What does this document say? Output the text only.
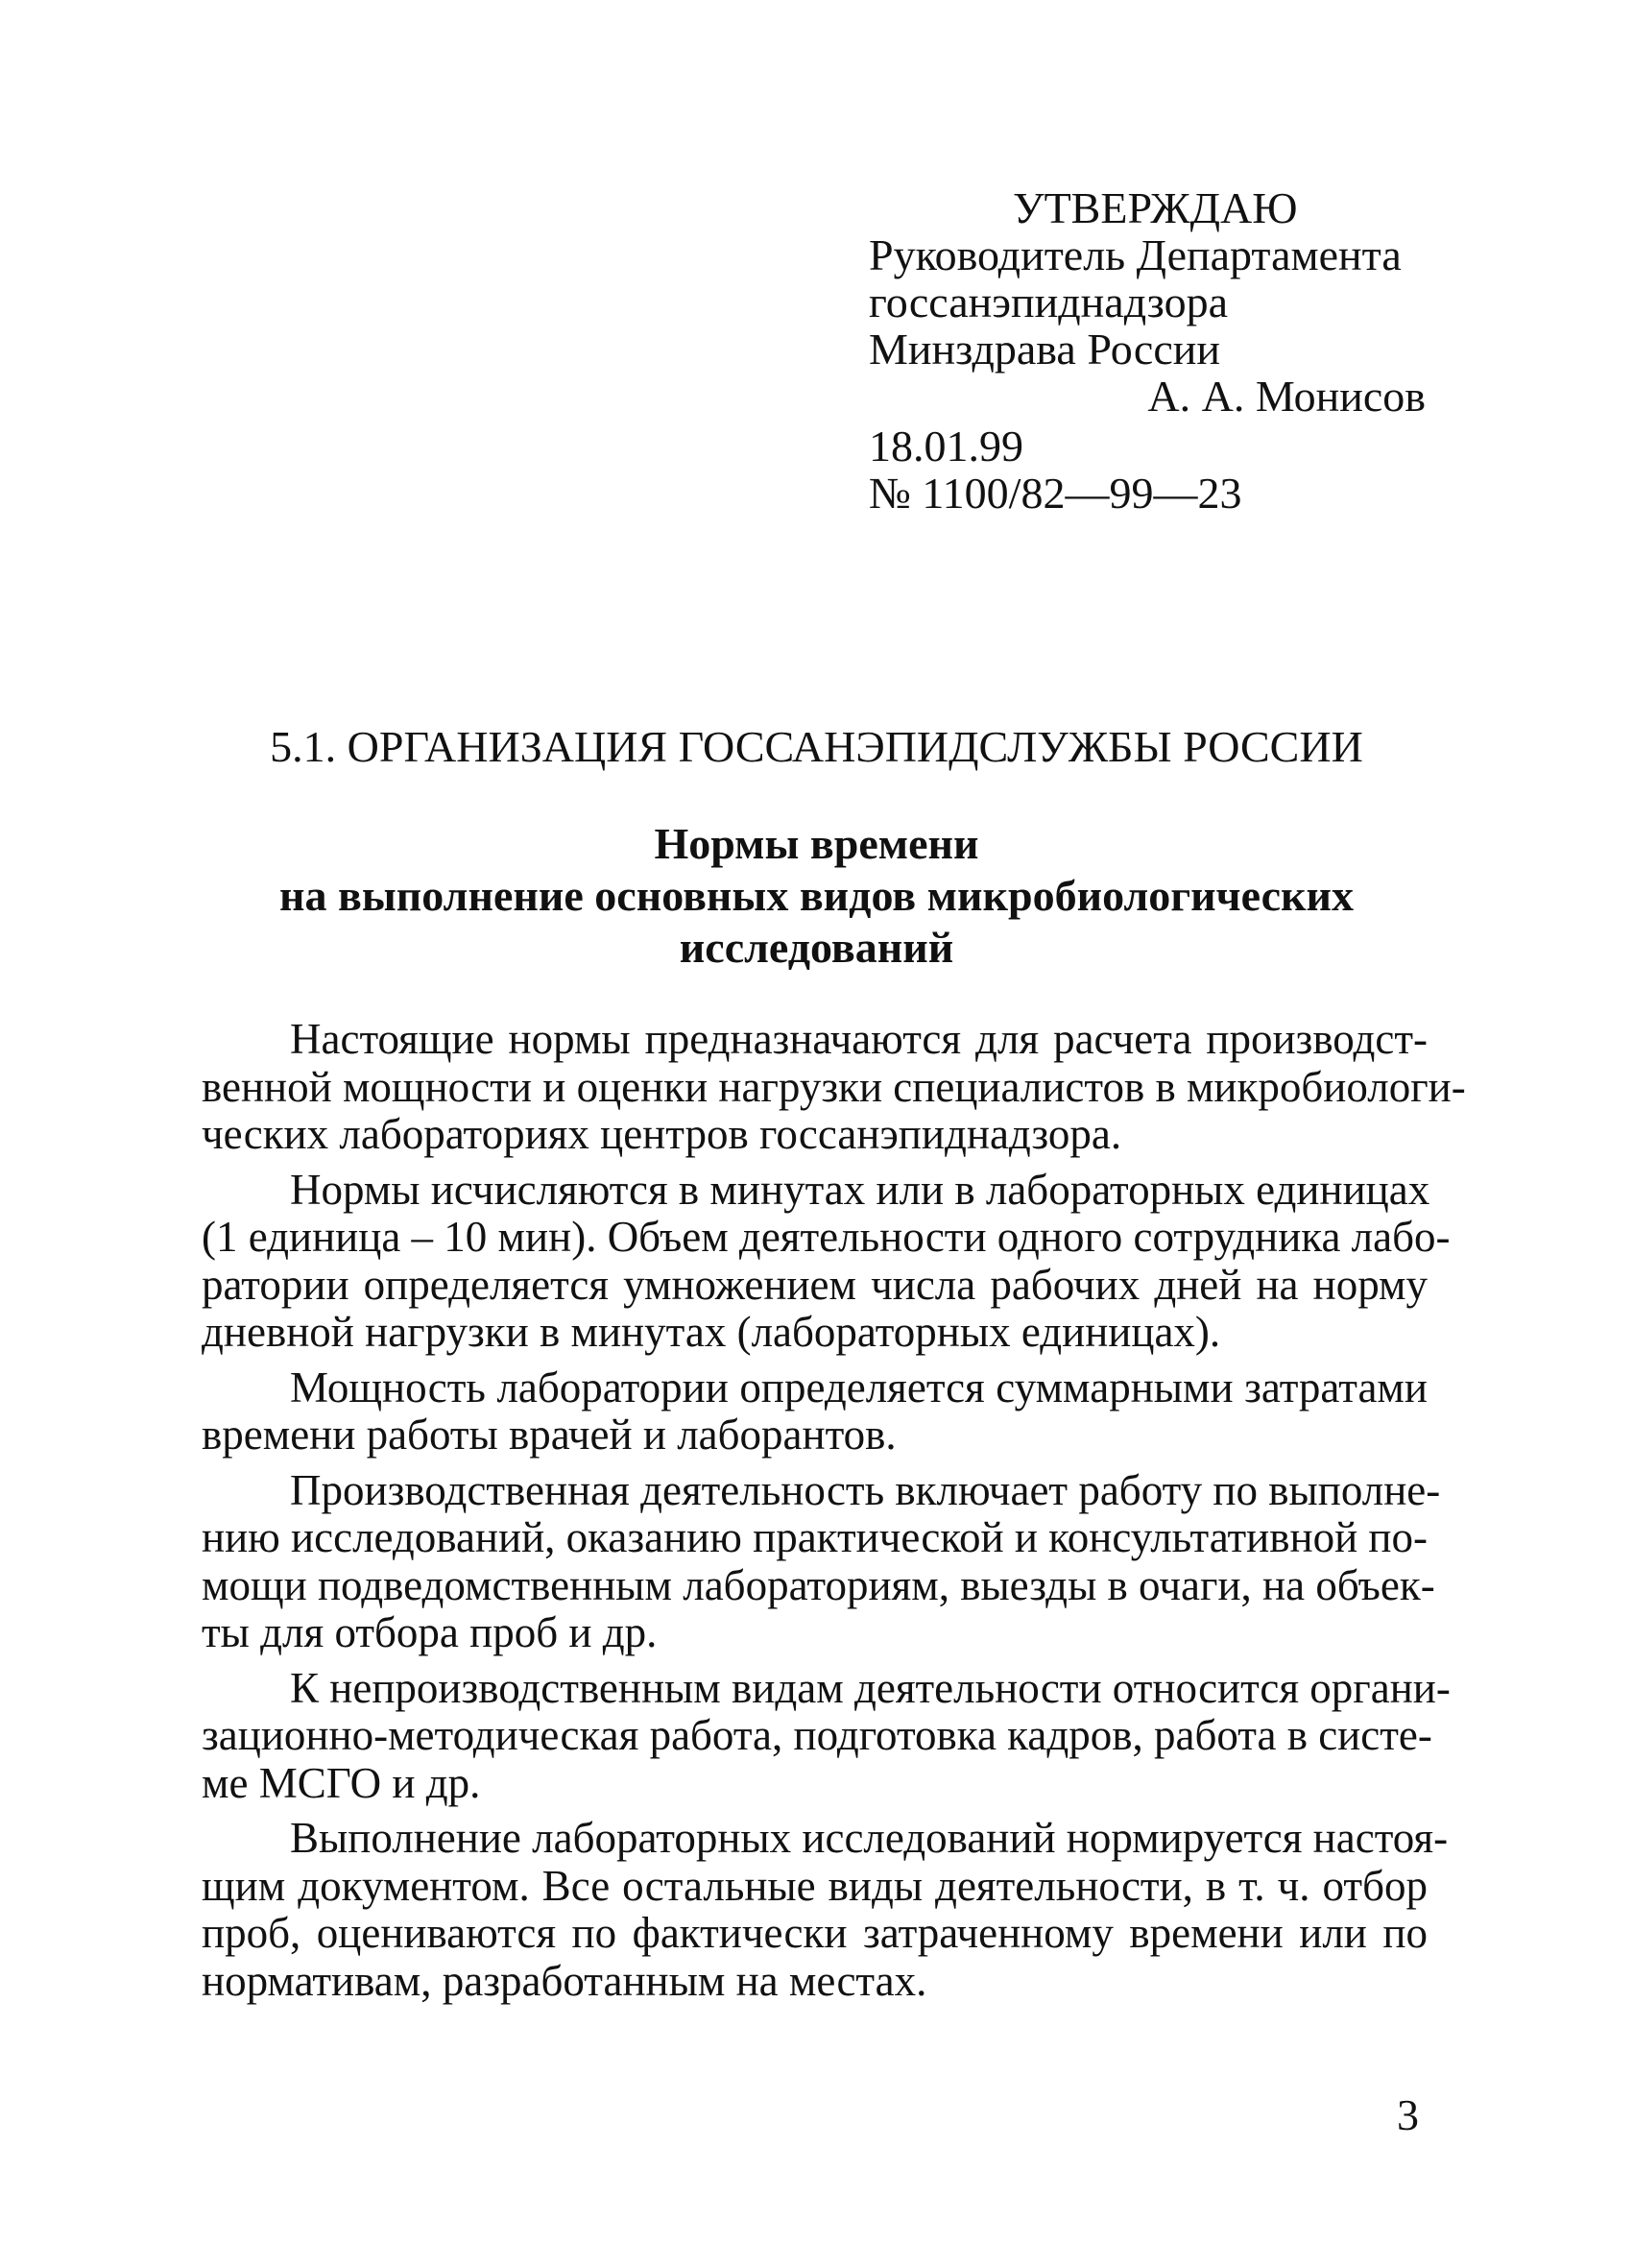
УТВЕРЖДАЮ
Руководитель Департамента
госсанэпиднадзора
Минздрава России
А. А. Монисов
18.01.99
№ 1100/82—99—23
5.1. ОРГАНИЗАЦИЯ ГОССАНЭПИДСЛУЖБЫ РОССИИ
Нормы времени
на выполнение основных видов микробиологических
исследований
Настоящие нормы предназначаются для расчета производст-
венной мощности и оценки нагрузки специалистов в микробиологи-
ческих лабораториях центров госсанэпиднадзора.
Нормы исчисляются в минутах или в лабораторных единицах
(1 единица – 10 мин). Объем деятельности одного сотрудника лабо-
ратории определяется умножением числа рабочих дней на норму
дневной нагрузки в минутах (лабораторных единицах).
Мощность лаборатории определяется суммарными затратами
времени работы врачей и лаборантов.
Производственная деятельность включает работу по выполне-
нию исследований, оказанию практической и консультативной по-
мощи подведомственным лабораториям, выезды в очаги, на объек-
ты для отбора проб и др.
К непроизводственным видам деятельности относится органи-
зационно-методическая работа, подготовка кадров, работа в систе-
ме МСГО и др.
Выполнение лабораторных исследований нормируется настоя-
щим документом. Все остальные виды деятельности, в т. ч. отбор
проб, оцениваются по фактически затраченному времени или по
нормативам, разработанным на местах.
3
